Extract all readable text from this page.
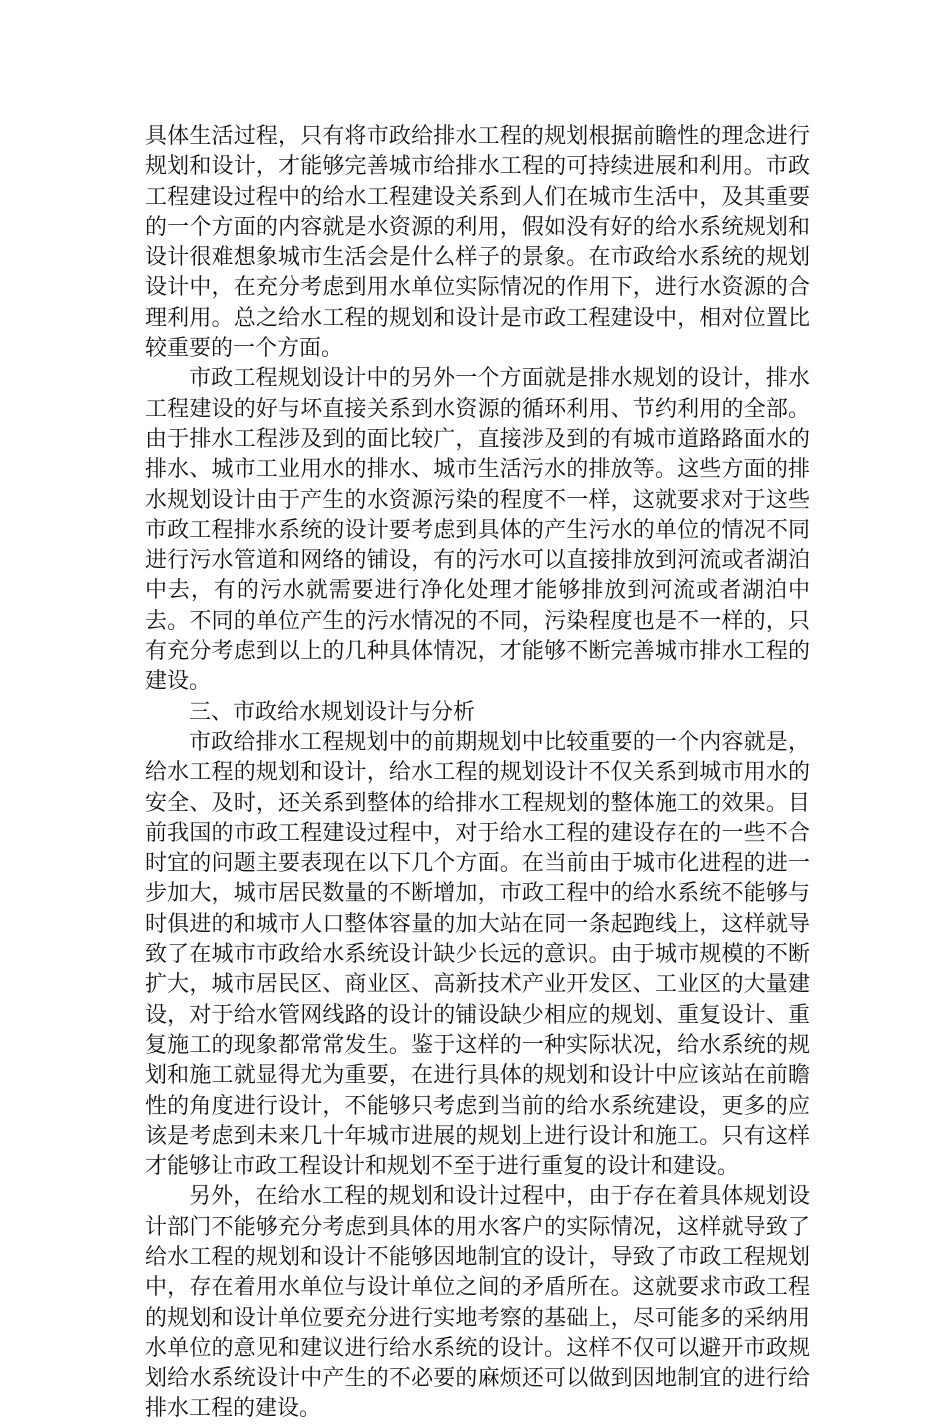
具体生活过程，只有将市政给排水工程的规划根据前瞻性的理念进行规划和设计，才能够完善城市给排水工程的可持续进展和利用。市政工程建设过程中的给水工程建设关系到人们在城市生活中，及其重要的一个方面的内容就是水资源的利用，假如没有好的给水系统规划和设计很难想象城市生活会是什么样子的景象。在市政给水系统的规划设计中，在充分考虑到用水单位实际情况的作用下，进行水资源的合理利用。总之给水工程的规划和设计是市政工程建设中，相对位置比较重要的一个方面。

市政工程规划设计中的另外一个方面就是排水规划的设计，排水工程建设的好与坏直接关系到水资源的循环利用、节约利用的全部。由于排水工程涉及到的面比较广，直接涉及到的有城市道路路面水的排水、城市工业用水的排水、城市生活污水的排放等。这些方面的排水规划设计由于产生的水资源污染的程度不一样，这就要求对于这些市政工程排水系统的设计要考虑到具体的产生污水的单位的情况不同进行污水管道和网络的铺设，有的污水可以直接排放到河流或者湖泊中去，有的污水就需要进行净化处理才能够排放到河流或者湖泊中去。不同的单位产生的污水情况的不同，污染程度也是不一样的，只有充分考虑到以上的几种具体情况，才能够不断完善城市排水工程的建设。

三、市政给水规划设计与分析

市政给排水工程规划中的前期规划中比较重要的一个内容就是，给水工程的规划和设计，给水工程的规划设计不仅关系到城市用水的安全、及时，还关系到整体的给排水工程规划的整体施工的效果。目前我国的市政工程建设过程中，对于给水工程的建设存在的一些不合时宜的问题主要表现在以下几个方面。在当前由于城市化进程的进一步加大，城市居民数量的不断增加，市政工程中的给水系统不能够与时俱进的和城市人口整体容量的加大站在同一条起跑线上，这样就导致了在城市市政给水系统设计缺少长远的意识。由于城市规模的不断扩大，城市居民区、商业区、高新技术产业开发区、工业区的大量建设，对于给水管网线路的设计的铺设缺少相应的规划、重复设计、重复施工的现象都常常发生。鉴于这样的一种实际状况，给水系统的规划和施工就显得尤为重要，在进行具体的规划和设计中应该站在前瞻性的角度进行设计，不能够只考虑到当前的给水系统建设，更多的应该是考虑到未来几十年城市进展的规划上进行设计和施工。只有这样才能够让市政工程设计和规划不至于进行重复的设计和建设。

另外，在给水工程的规划和设计过程中，由于存在着具体规划设计部门不能够充分考虑到具体的用水客户的实际情况，这样就导致了给水工程的规划和设计不能够因地制宜的设计，导致了市政工程规划中，存在着用水单位与设计单位之间的矛盾所在。这就要求市政工程的规划和设计单位要充分进行实地考察的基础上，尽可能多的采纳用水单位的意见和建议进行给水系统的设计。这样不仅可以避开市政规划给水系统设计中产生的不必要的麻烦还可以做到因地制宜的进行给排水工程的建设。
